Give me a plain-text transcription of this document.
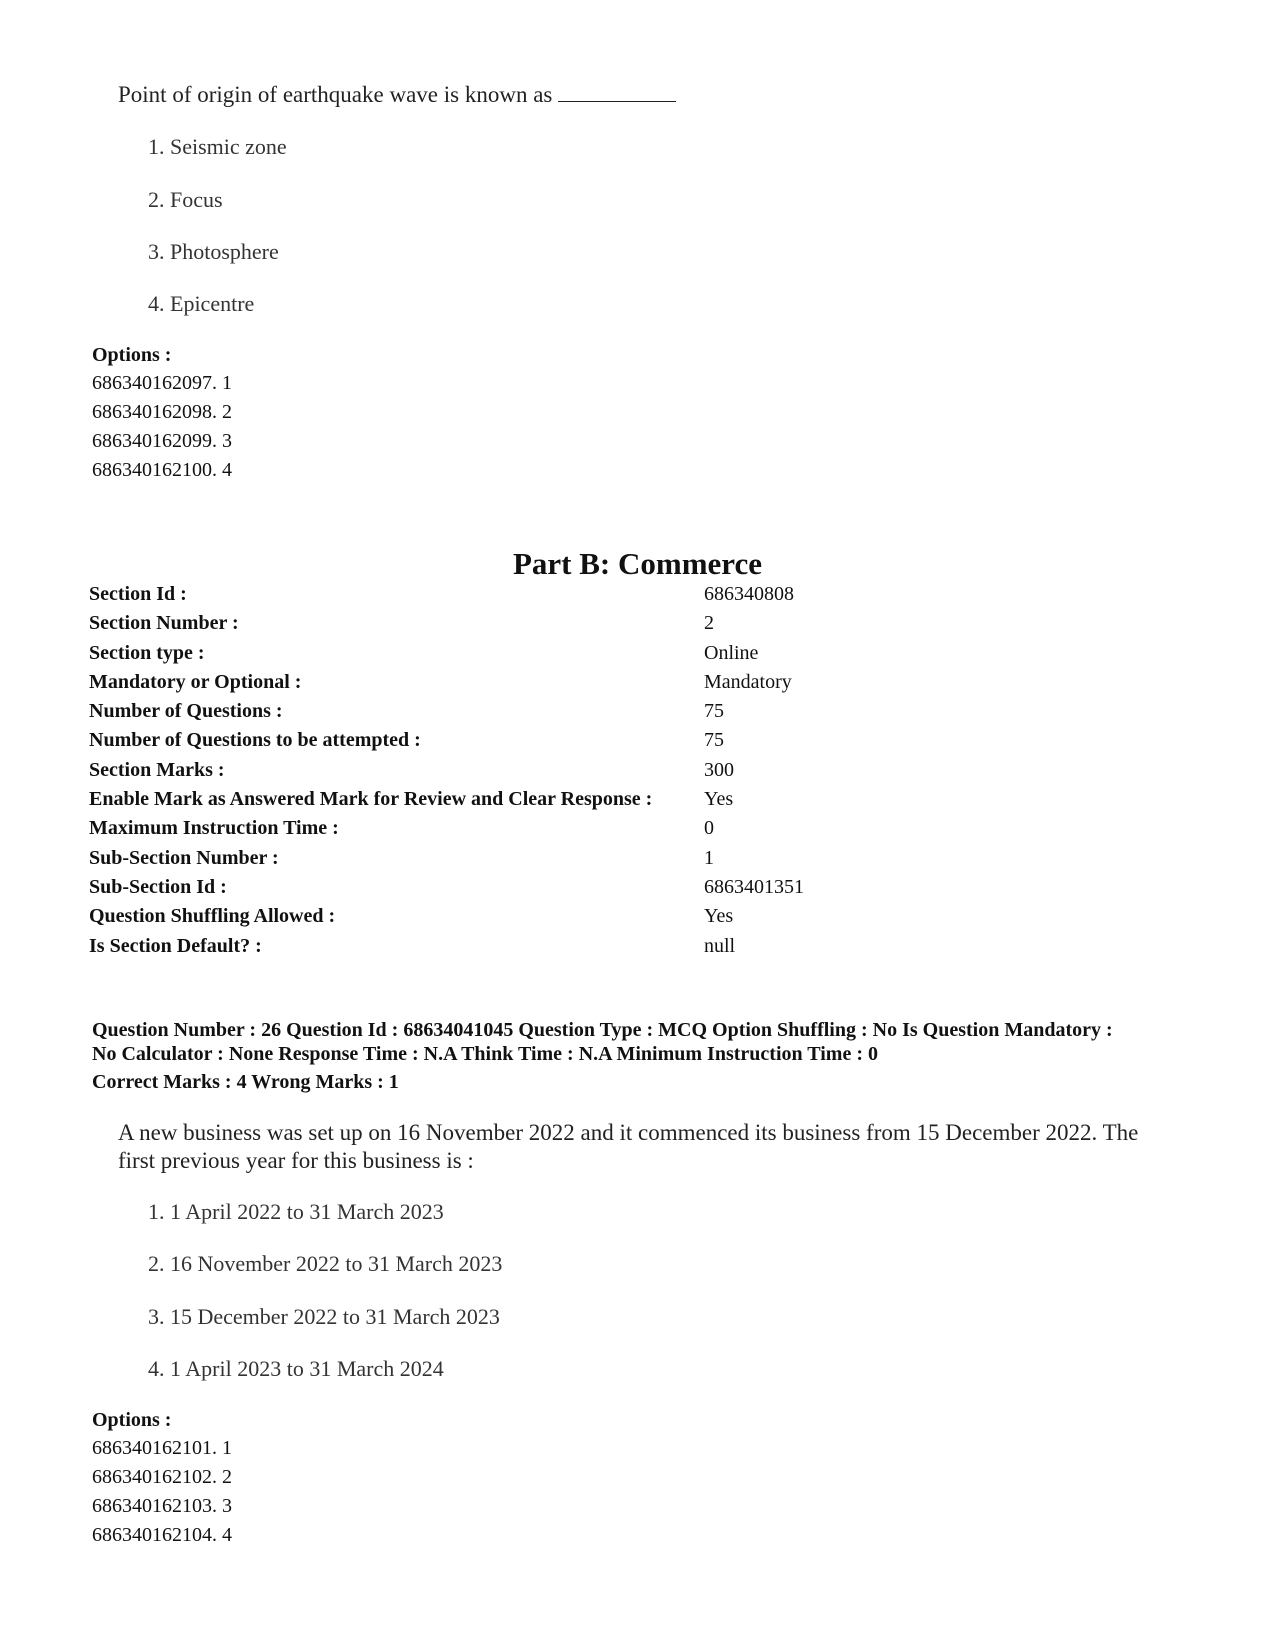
Point of origin of earthquake wave is known as
1. Seismic zone
2. Focus
3. Photosphere
4. Epicentre
Options :
686340162097. 1
686340162098. 2
686340162099. 3
686340162100. 4
Part B: Commerce
Section Id :	686340808
Section Number :	2
Section type :	Online
Mandatory or Optional :	Mandatory
Number of Questions :	75
Number of Questions to be attempted :	75
Section Marks :	300
Enable Mark as Answered Mark for Review and Clear Response :	Yes
Maximum Instruction Time :	0
Sub-Section Number :	1
Sub-Section Id :	6863401351
Question Shuffling Allowed :	Yes
Is Section Default? :	null
Question Number : 26 Question Id : 68634041045 Question Type : MCQ Option Shuffling : No Is Question Mandatory :
No Calculator : None Response Time : N.A Think Time : N.A Minimum Instruction Time : 0
Correct Marks : 4 Wrong Marks : 1
A new business was set up on 16 November 2022 and it commenced its business from 15 December 2022. The
first previous year for this business is :
1. 1 April 2022 to 31 March 2023
2. 16 November 2022 to 31 March 2023
3. 15 December 2022 to 31 March 2023
4. 1 April 2023 to 31 March 2024
Options :
686340162101. 1
686340162102. 2
686340162103. 3
686340162104. 4
